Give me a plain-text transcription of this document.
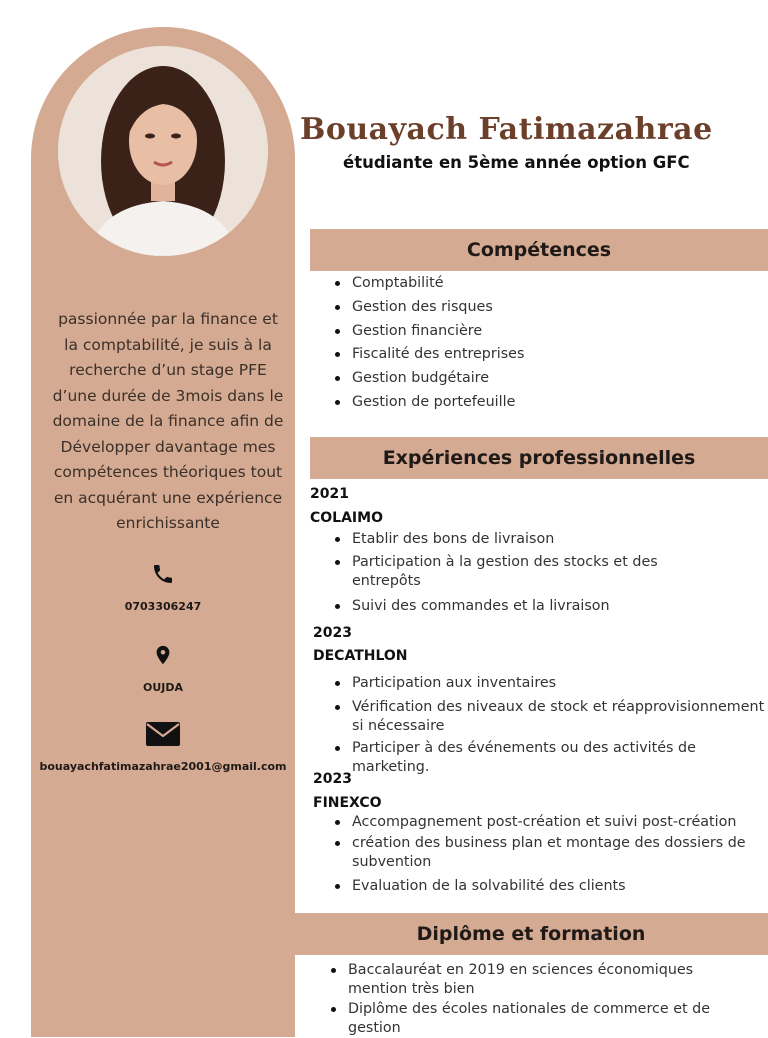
passionnée par la finance et
la comptabilité, je suis à la
recherche d’un stage PFE
d’une durée de 3mois dans le
domaine de la finance afin de
Développer davantage mes
compétences théoriques tout
en acquérant une expérience
enrichissante
0703306247
OUJDA
bouayachfatimazahrae2001@gmail.com
Bouayach Fatimazahrae
étudiante en 5ème année option GFC
Compétences
Comptabilité
Gestion des risques
Gestion financière
Fiscalité des entreprises
Gestion budgétaire
Gestion de portefeuille
Expériences professionnelles
2021
COLAIMO
Etablir des bons de livraison
Participation à la gestion des stocks et des entrepôts
Suivi des commandes et la livraison
2023
DECATHLON
Participation aux inventaires
Vérification des niveaux de stock et réapprovisionnement si nécessaire
Participer à des événements ou des activités de marketing.
2023
FINEXCO
Accompagnement post-création et suivi post-création
création des business plan et montage des dossiers de subvention
Evaluation de la solvabilité des clients
Diplôme et formation
Baccalauréat en 2019 en sciences économiques mention très bien
Diplôme des écoles nationales de commerce et de gestion
